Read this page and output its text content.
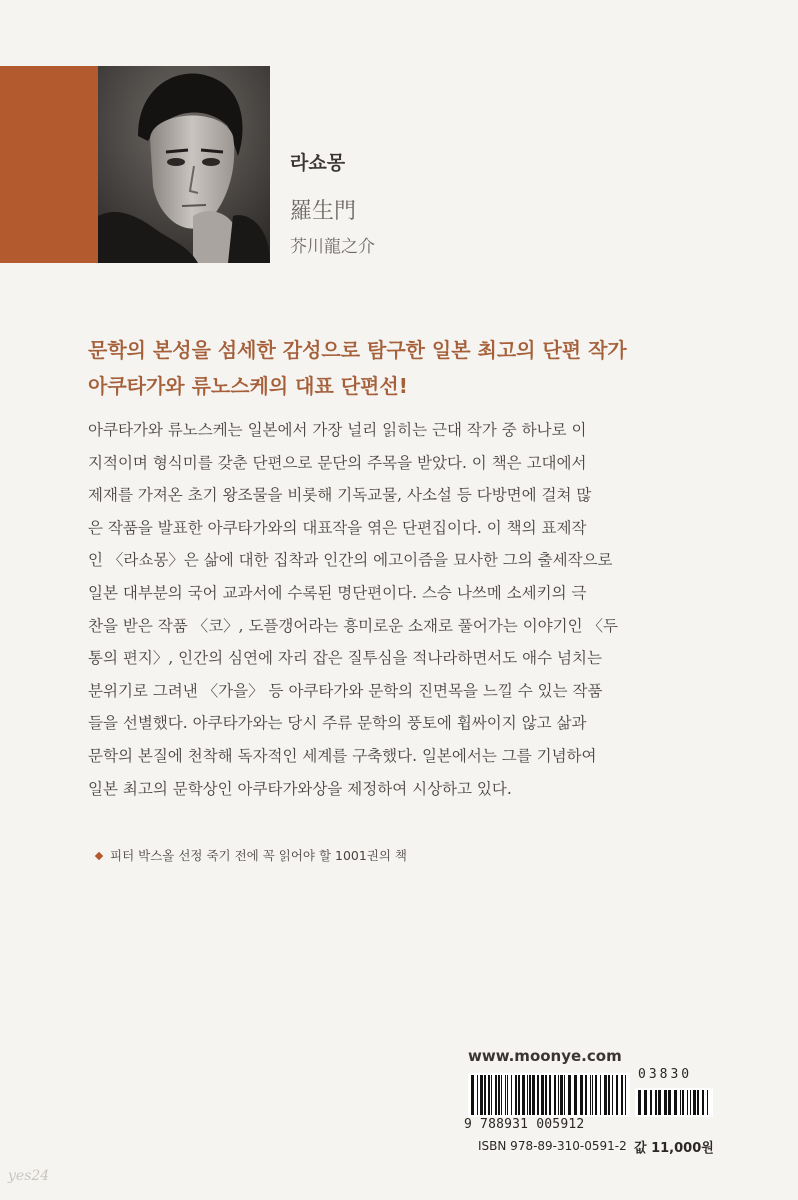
라쇼몽
羅生門
芥川龍之介
문학의 본성을 섬세한 감성으로 탐구한 일본 최고의 단편 작가
아쿠타가와 류노스케의 대표 단편선!
아쿠타가와 류노스케는 일본에서 가장 널리 읽히는 근대 작가 중 하나로 이
지적이며 형식미를 갖춘 단편으로 문단의 주목을 받았다. 이 책은 고대에서
제재를 가져온 초기 왕조물을 비롯해 기독교물, 사소설 등 다방면에 걸쳐 많
은 작품을 발표한 아쿠타가와의 대표작을 엮은 단편집이다. 이 책의 표제작
인 〈라쇼몽〉은 삶에 대한 집착과 인간의 에고이즘을 묘사한 그의 출세작으로
일본 대부분의 국어 교과서에 수록된 명단편이다. 스승 나쓰메 소세키의 극
찬을 받은 작품 〈코〉, 도플갱어라는 흥미로운 소재로 풀어가는 이야기인 〈두
통의 편지〉, 인간의 심연에 자리 잡은 질투심을 적나라하면서도 애수 넘치는
분위기로 그려낸 〈가을〉 등 아쿠타가와 문학의 진면목을 느낄 수 있는 작품
들을 선별했다. 아쿠타가와는 당시 주류 문학의 풍토에 휩싸이지 않고 삶과
문학의 본질에 천착해 독자적인 세계를 구축했다. 일본에서는 그를 기념하여
일본 최고의 문학상인 아쿠타가와상을 제정하여 시상하고 있다.
피터 박스올 선정 죽기 전에 꼭 읽어야 할 1001권의 책
www.moonye.com
03830
9 788931 005912
ISBN 978-89-310-0591-2 값 11,000원
yes24
